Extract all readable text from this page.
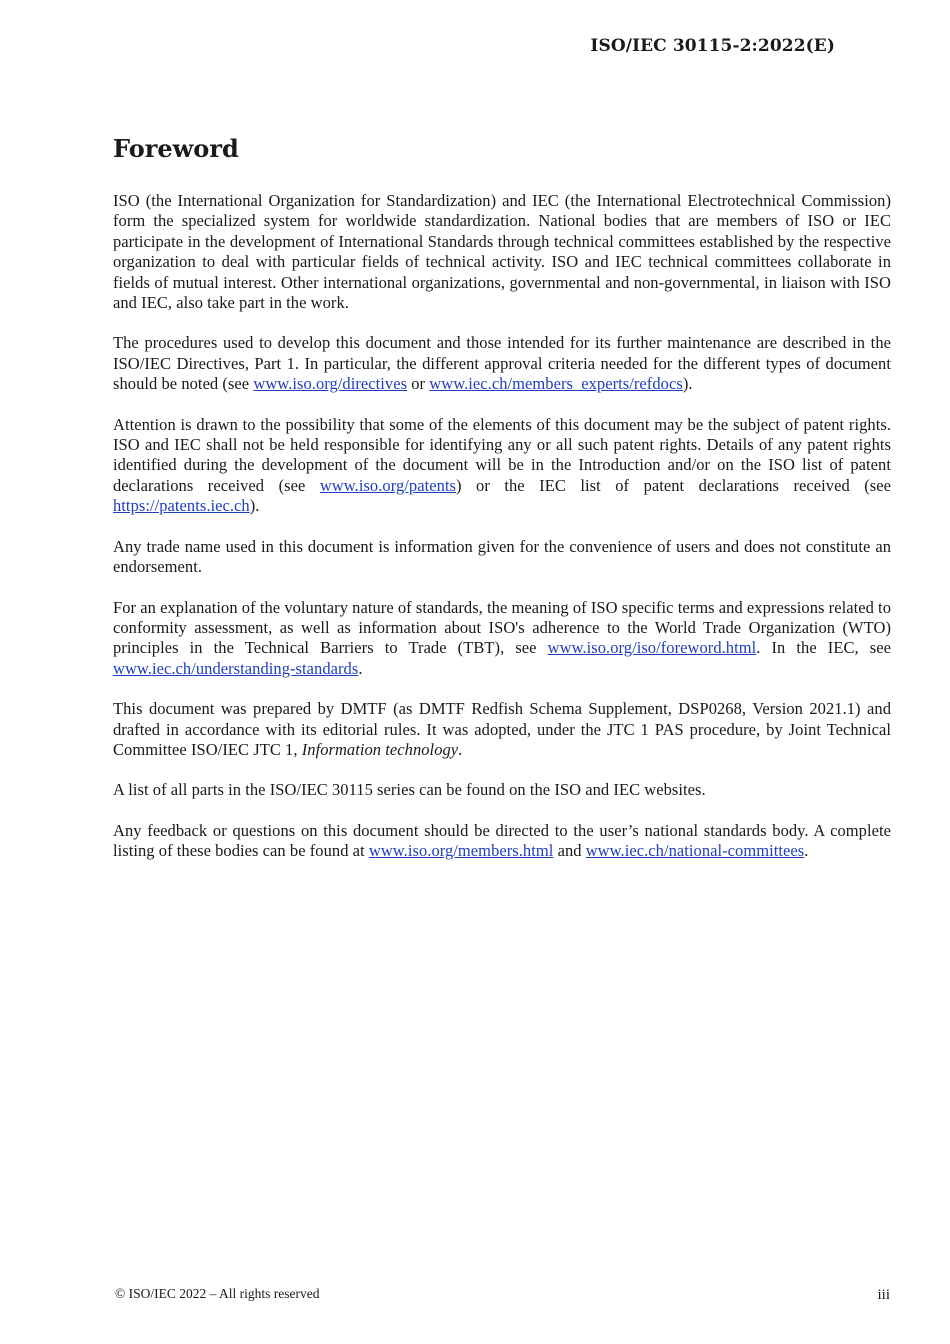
ISO/IEC 30115-2:2022(E)
Foreword

ISO (the International Organization for Standardization) and IEC (the International Electrotechnical Commission) form the specialized system for worldwide standardization. National bodies that are members of ISO or IEC participate in the development of International Standards through technical committees established by the respective organization to deal with particular fields of technical activity. ISO and IEC technical committees collaborate in fields of mutual interest. Other international organizations, governmental and non-governmental, in liaison with ISO and IEC, also take part in the work.

The procedures used to develop this document and those intended for its further maintenance are described in the ISO/IEC Directives, Part 1. In particular, the different approval criteria needed for the different types of document should be noted (see www.iso.org/directives or www.iec.ch/members_experts/refdocs).

Attention is drawn to the possibility that some of the elements of this document may be the subject of patent rights. ISO and IEC shall not be held responsible for identifying any or all such patent rights. Details of any patent rights identified during the development of the document will be in the Introduction and/or on the ISO list of patent declarations received (see www.iso.org/patents) or the IEC list of patent declarations received (see https://patents.iec.ch).

Any trade name used in this document is information given for the convenience of users and does not constitute an endorsement.

For an explanation of the voluntary nature of standards, the meaning of ISO specific terms and expressions related to conformity assessment, as well as information about ISO's adherence to the World Trade Organization (WTO) principles in the Technical Barriers to Trade (TBT), see www.iso.org/iso/foreword.html. In the IEC, see www.iec.ch/understanding-standards.

This document was prepared by DMTF (as DMTF Redfish Schema Supplement, DSP0268, Version 2021.1) and drafted in accordance with its editorial rules. It was adopted, under the JTC 1 PAS procedure, by Joint Technical Committee ISO/IEC JTC 1, Information technology.

A list of all parts in the ISO/IEC 30115 series can be found on the ISO and IEC websites.

Any feedback or questions on this document should be directed to the user’s national standards body. A complete listing of these bodies can be found at www.iso.org/members.html and www.iec.ch/national-committees.

© ISO/IEC 2022 – All rights reserved	iii
